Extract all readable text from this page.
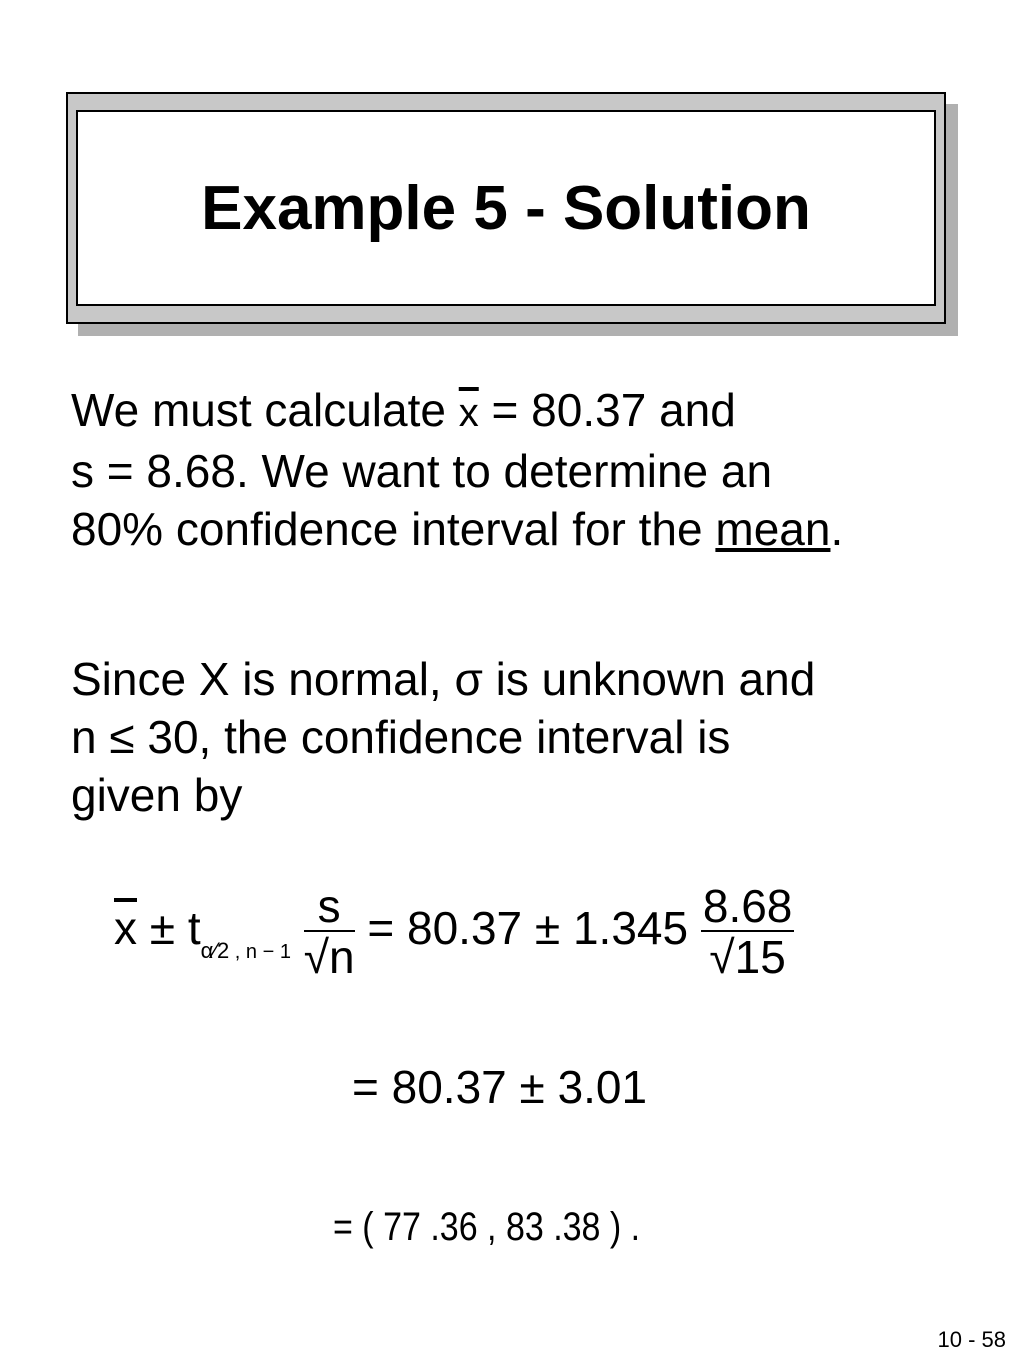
Example 5 - Solution
We must calculate $\overline{x} = 80.37$ and
s = 8.68. We want to determine an
80% confidence interval for the mean.
Since X is normal, σ is unknown and
n ≤ 30, the confidence interval is
given by
$\overline{x} \pm t_{\alpha⁄2 , n - 1} \frac{s}{√n} = 80.37 \pm 1.345 \frac{8.68}{√15}$
= 80.37 ± 3.01
= ( 77 .36 , 83 .38 ) .
10 - 58
